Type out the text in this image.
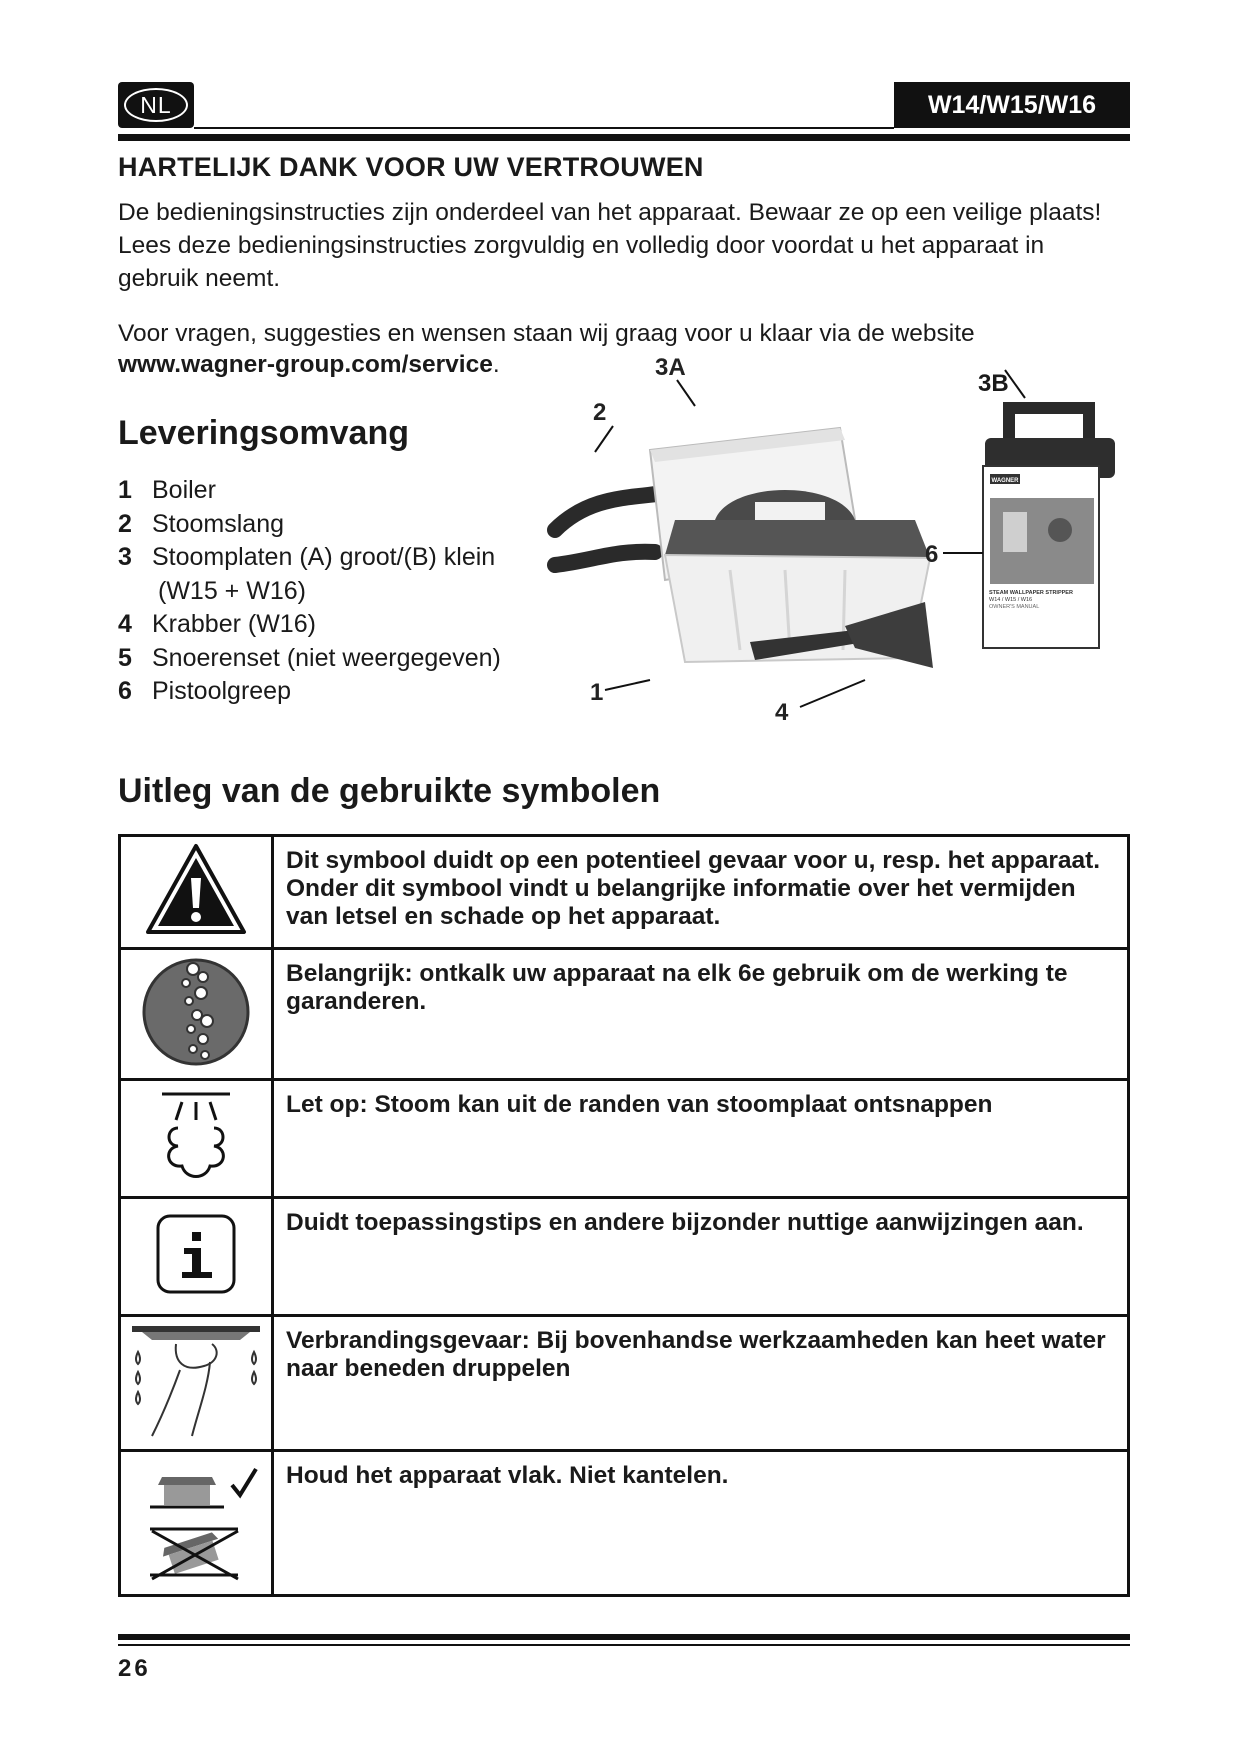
NL	W14/W15/W16
HARTELIJK DANK VOOR UW VERTROUWEN

De bedieningsinstructies zijn onderdeel van het apparaat. Bewaar ze op een veilige plaats! Lees deze bedieningsinstructies zorgvuldig en volledig door voordat u het apparaat in gebruik neemt.

Voor vragen, suggesties en wensen staan wij graag voor u klaar via de website
www.wagner-group.com/service.

Leveringsomvang
1 Boiler
2 Stoomslang
3 Stoomplaten (A) groot/(B) klein
(W15 + W16)
4 Krabber (W16)
5 Snoerenset (niet weergegeven)
6 Pistoolgreep
WAGNER
STEAM WALLPAPER STRIPPER
W14 / W15 / W16
OWNER'S MANUAL
3A
2
6
1
4
3B
Uitleg van de gebruikte symbolen
	Dit symbool duidt op een potentieel gevaar voor u, resp. het apparaat. Onder dit symbool vindt u belangrijke informatie over het vermijden van letsel en schade op het apparaat.
	Belangrijk: ontkalk uw apparaat na elk 6e gebruik om de werking te garanderen.
	Let op: Stoom kan uit de randen van stoomplaat ontsnappen
	Duidt toepassingstips en andere bijzonder nuttige aanwijzingen aan.
	Verbrandingsgevaar: Bij bovenhandse werkzaamheden kan heet water naar beneden druppelen
	Houd het apparaat vlak. Niet kantelen.
26
